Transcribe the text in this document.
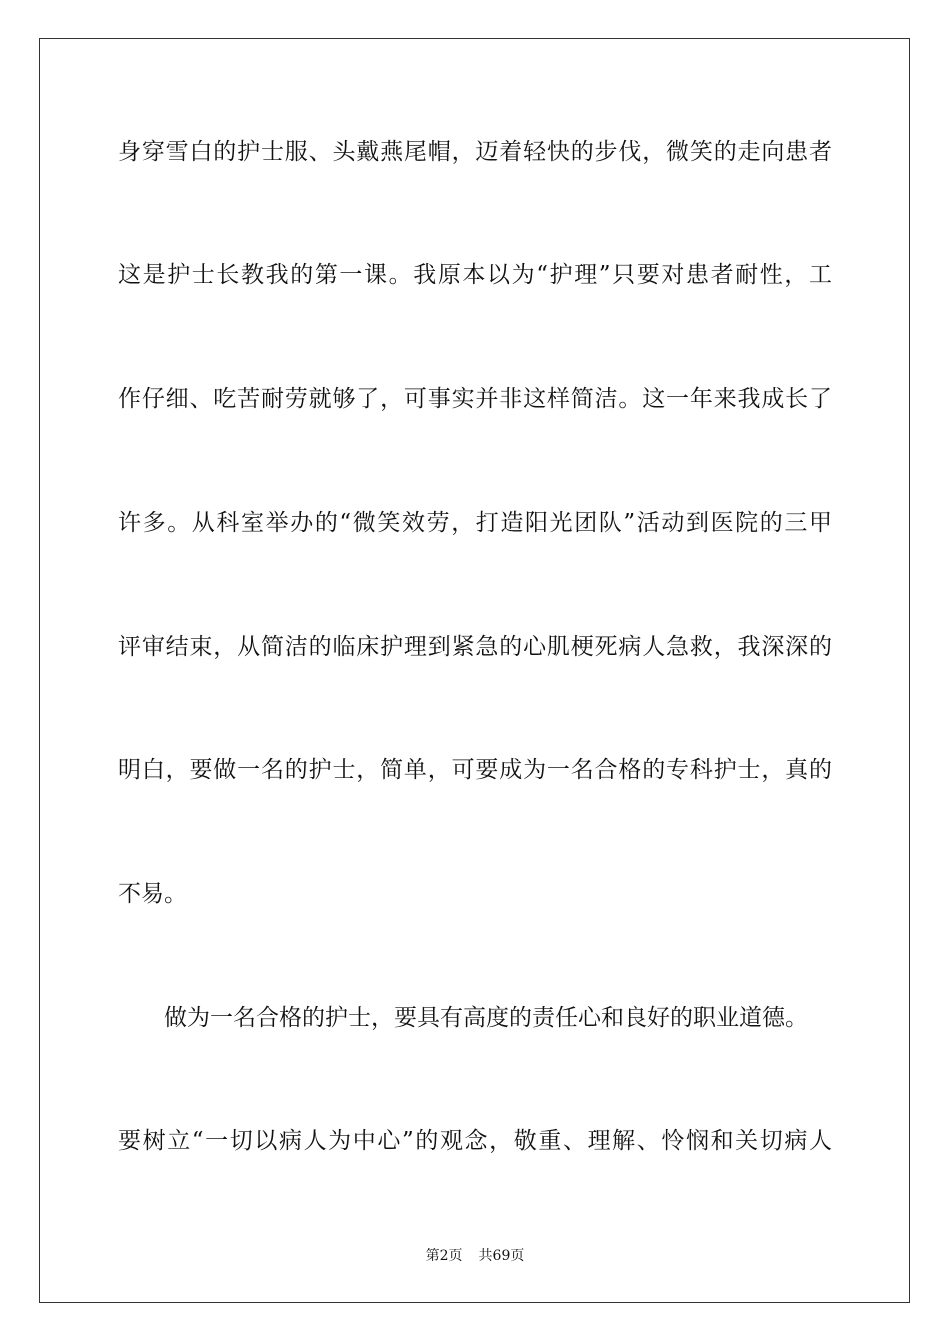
身穿雪白的护士服、头戴燕尾帽，迈着轻快的步伐，微笑的走向患者
这是护士长教我的第一课。我原本以为“护理”只要对患者耐性，工
作仔细、吃苦耐劳就够了，可事实并非这样简洁。这一年来我成长了
许多。从科室举办的“微笑效劳，打造阳光团队”活动到医院的三甲
评审结束，从简洁的临床护理到紧急的心肌梗死病人急救，我深深的
明白，要做一名的护士，简单，可要成为一名合格的专科护士，真的
不易。
做为一名合格的护士，要具有高度的责任心和良好的职业道德。
要树立“一切以病人为中心”的观念，敬重、理解、怜悯和关切病人
第2页 共69页
